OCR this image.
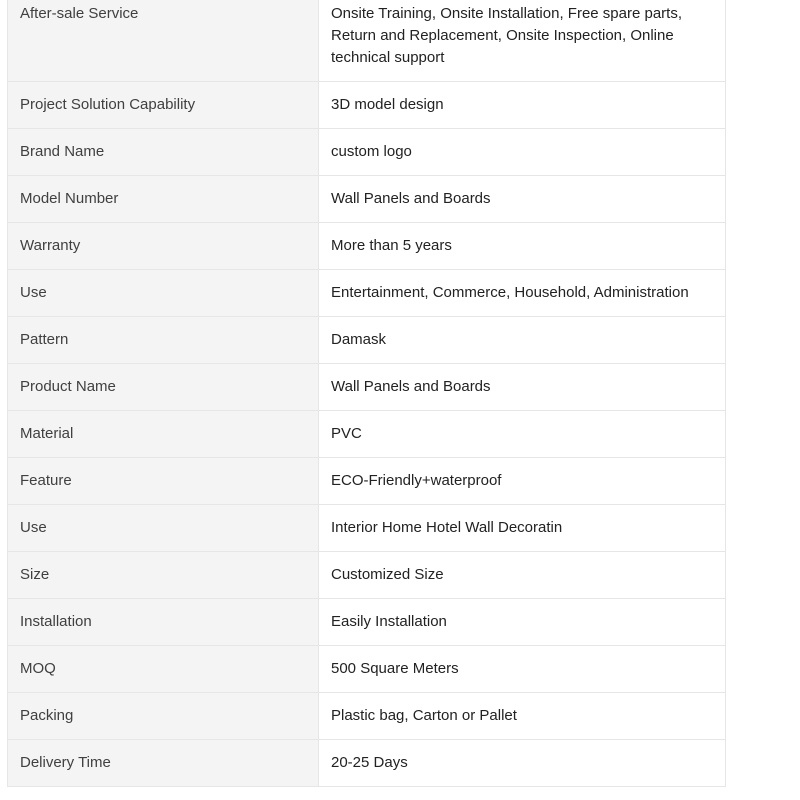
After-sale Service	Onsite Training, Onsite Installation, Free spare parts, Return and Replacement, Onsite Inspection, Online technical support
Project Solution Capability	3D model design
Brand Name	custom logo
Model Number	Wall Panels and Boards
Warranty	More than 5 years
Use	Entertainment, Commerce, Household, Administration
Pattern	Damask
Product Name	Wall Panels and Boards
Material	PVC
Feature	ECO-Friendly+waterproof
Use	Interior Home Hotel Wall Decoratin
Size	Customized Size
Installation	Easily Installation
MOQ	500 Square Meters
Packing	Plastic bag, Carton or Pallet
Delivery Time	20-25 Days
